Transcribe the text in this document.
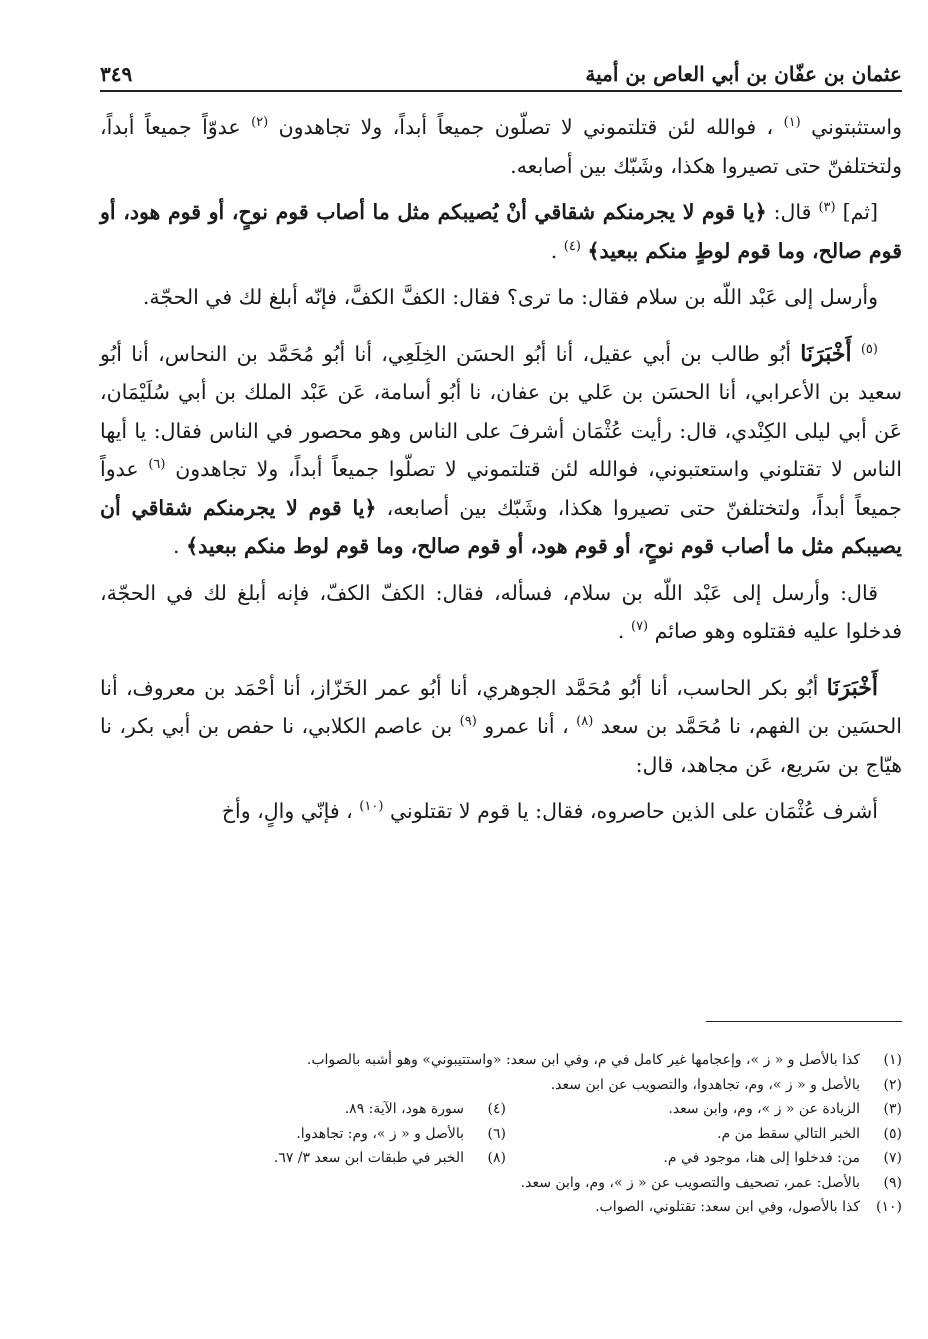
عثمان بن عفّان بن أبي العاص بن أمية
٣٤٩

واستثبتوني $^{(١)}$ ، فوالله لئن قتلتموني لا تصلّون جميعاً أبداً، ولا تجاهدون $^{(٢)}$ عدوّاً جميعاً أبداً، ولتختلفنّ حتى تصيروا هكذا، وشَبّك بين أصابعه.

[ثم] $^{(٣)}$ قال: ﴿يا قوم لا يجرمنكم شقاقي أنْ يُصيبكم مثل ما أصاب قوم نوحٍ، أو قوم هود، أو قوم صالح، وما قوم لوطٍ منكم ببعيد﴾ $^{(٤)}$ .

وأرسل إلى عَبْد اللّه بن سلام فقال: ما ترى؟ فقال: الكفَّ الكفَّ، فإنّه أبلغ لك في الحجّة.

$^{(٥)}$ أَخْبَرَنَا أبُو طالب بن أبي عقيل، أنا أبُو الحسَن الخِلَعِي، أنا أبُو مُحَمَّد بن النحاس، أنا أبُو سعيد بن الأعرابي، أنا الحسَن بن عَلي بن عفان، نا أبُو أسامة، عَن عَبْد الملك بن أبي سُلَيْمَان، عَن أبي ليلى الكِنْدي، قال: رأيت عُثْمَان أشرفَ على الناس وهو محصور في الناس فقال: يا أيها الناس لا تقتلوني واستعتبوني، فوالله لئن قتلتموني لا تصلّوا جميعاً أبداً، ولا تجاهدون $^{(٦)}$ عدواً جميعاً أبداً، ولتختلفنّ حتى تصيروا هكذا، وشَبّك بين أصابعه، ﴿يا قوم لا يجرمنكم شقاقي أن يصيبكم مثل ما أصاب قوم نوحٍ، أو قوم هود، أو قوم صالح، وما قوم لوط منكم ببعيد﴾ .

قال: وأرسل إلى عَبْد اللّه بن سلام، فسأله، فقال: الكفّ الكفّ، فإنه أبلغ لك في الحجّة، فدخلوا عليه فقتلوه وهو صائم $^{(٧)}$ .

أَخْبَرَنَا أبُو بكر الحاسب، أنا أبُو مُحَمَّد الجوهري، أنا أبُو عمر الخَزّاز، أنا أحْمَد بن معروف، أنا الحسَين بن الفهم، نا مُحَمَّد بن سعد $^{(٨)}$ ، أنا عمرو $^{(٩)}$ بن عاصم الكلابي، نا حفص بن أبي بكر، نا هيّاج بن سَريع، عَن مجاهد، قال:

أشرف عُثْمَان على الذين حاصروه، فقال: يا قوم لا تقتلوني $^{(١٠)}$ ، فإنّي والٍ، وأخ

(١)
كذا بالأصل و « ز »، وإعجامها غير كامل في م، وفي ابن سعد: «واستتيبوني» وهو أشبه بالصواب.
(٢)
بالأصل و « ز »، وم، تجاهدوا، والتصويب عن ابن سعد.
(٣)
الزيادة عن « ز »، وم، وابن سعد.
(٤)
سورة هود، الآية: ٨٩.
(٥)
الخبر التالي سقط من م.
(٦)
بالأصل و « ز »، وم: تجاهدوا.
(٧)
من: فدخلوا إلى هنا، موجود في م.
(٨)
الخبر في طبقات ابن سعد ٣/ ٦٧.
(٩)
بالأصل: عمر، تصحيف والتصويب عن « ز »، وم، وابن سعد.
(١٠)
كذا بالأصول، وفي ابن سعد: تقتلوني، الصواب.
